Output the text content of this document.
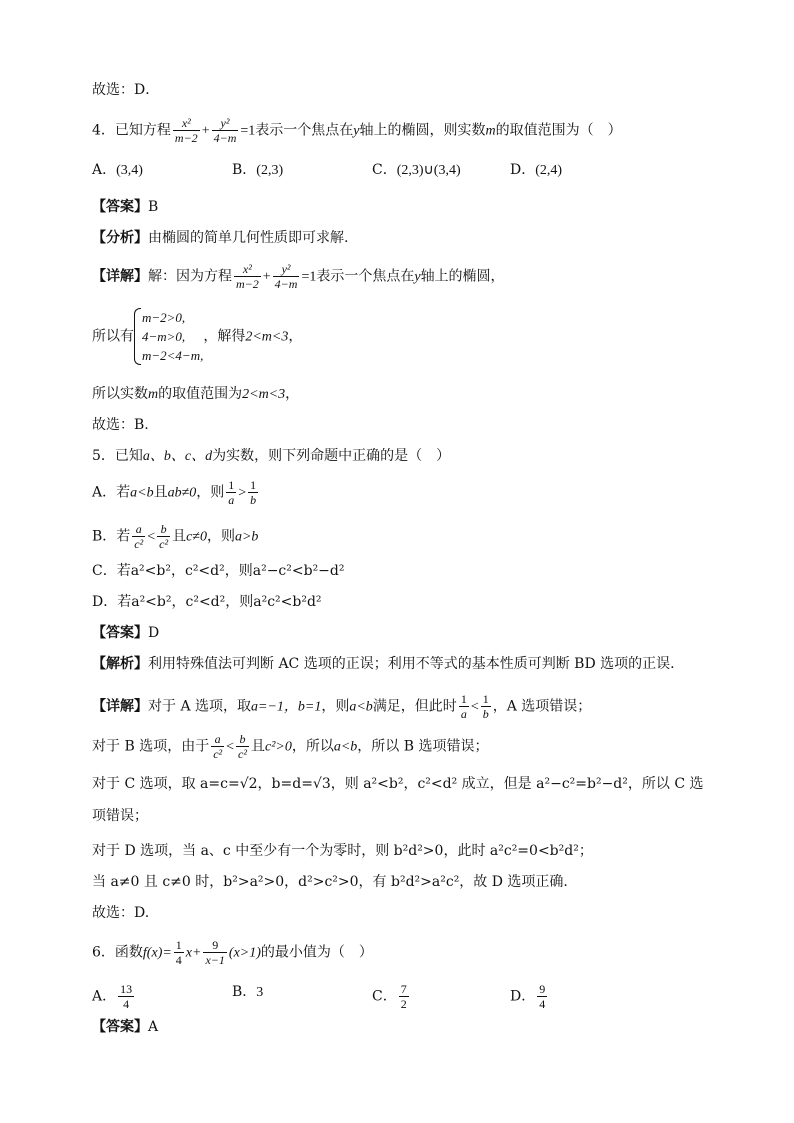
故选：D．
4．已知方程 $\frac{\text{x²}}{m-2} + \frac{\text{y²}}{4-m} =1$表示一个焦点在y轴上的椭圆，则实数m的取值范围为（　）
A．(3,4)	B．(2,3)	C．(2,3)∪(3,4)	D．(2,4)
【答案】B
【分析】由椭圆的简单几何性质即可求解.
【详解】解：因为方程 $\frac{\text{x²}}{m-2} + \frac{\text{y²}}{4-m} =1$表示一个焦点在y轴上的椭圆，
所以有
m−2>0,
4−m>0,
m−2<4−m,
，解得2<m<3，
所以实数m的取值范围为2<m<3，
故选：B.
5．已知a、b、c、d为实数，则下列命题中正确的是（　）
A．若a<b且ab≠0，则 $\frac{1}{a} > \frac{1}{b}$
B．若 $\frac{a}{\text{c²}} < \frac{b}{\text{c²}}$ 且c≠0，则a>b
C．若a²<b²，c²<d²，则a²−c²<b²−d²
D．若a²<b²，c²<d²，则a²c²<b²d²
【答案】D
【解析】利用特殊值法可判断 AC 选项的正误；利用不等式的基本性质可判断 BD 选项的正误.
【详解】对于 A 选项，取a=−1，b=1，则a<b满足，但此时 $\frac{1}{a} < \frac{1}{b}$ ，A 选项错误；
对于 B 选项，由于 $\frac{a}{\text{c²}} < \frac{b}{\text{c²}}$ 且c²>0，所以a<b，所以 B 选项错误；
对于 C 选项，取 a=c=√2，b=d=√3，则 a²<b²，c²<d² 成立，但是 a²−c²=b²−d²，所以 C 选
项错误；
对于 D 选项，当 a、c 中至少有一个为零时，则 b²d²>0，此时 a²c²=0<b²d²；
当 a≠0 且 c≠0 时，b²>a²>0，d²>c²>0，有 b²d²>a²c²，故 D 选项正确.
故选：D.
6．函数$f(x)= \frac{1}{4} x+ \frac{9}{x-1} (x>1)$的最小值为（　）
A． $\frac{13}{4}$	B．3	C． $\frac{7}{2}$	D． $\frac{9}{4}$
【答案】A
